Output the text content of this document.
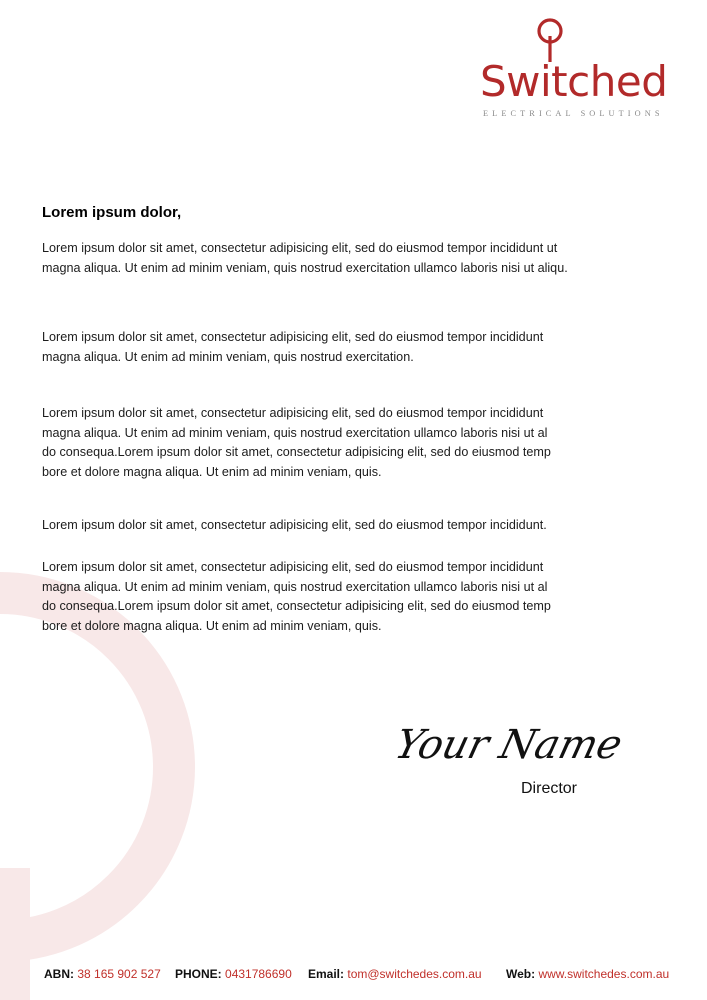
Switched
ELECTRICAL SOLUTIONS
Lorem ipsum dolor,

Lorem ipsum dolor sit amet, consectetur adipisicing elit, sed do eiusmod tempor incididunt ut
magna aliqua. Ut enim ad minim veniam, quis nostrud exercitation ullamco laboris nisi ut aliqu.

Lorem ipsum dolor sit amet, consectetur adipisicing elit, sed do eiusmod tempor incididunt
magna aliqua. Ut enim ad minim veniam, quis nostrud exercitation.

Lorem ipsum dolor sit amet, consectetur adipisicing elit, sed do eiusmod tempor incididunt
magna aliqua. Ut enim ad minim veniam, quis nostrud exercitation ullamco laboris nisi ut al
do consequa.Lorem ipsum dolor sit amet, consectetur adipisicing elit, sed do eiusmod temp
bore et dolore magna aliqua. Ut enim ad minim veniam, quis.

Lorem ipsum dolor sit amet, consectetur adipisicing elit, sed do eiusmod tempor incididunt.

Lorem ipsum dolor sit amet, consectetur adipisicing elit, sed do eiusmod tempor incididunt
magna aliqua. Ut enim ad minim veniam, quis nostrud exercitation ullamco laboris nisi ut al
do consequa.Lorem ipsum dolor sit amet, consectetur adipisicing elit, sed do eiusmod temp
bore et dolore magna aliqua. Ut enim ad minim veniam, quis.

Your Name
Director
ABN: 38 165 902 527 PHONE: 0431786690 Email: tom@switchedes.com.au Web: www.switchedes.com.au
